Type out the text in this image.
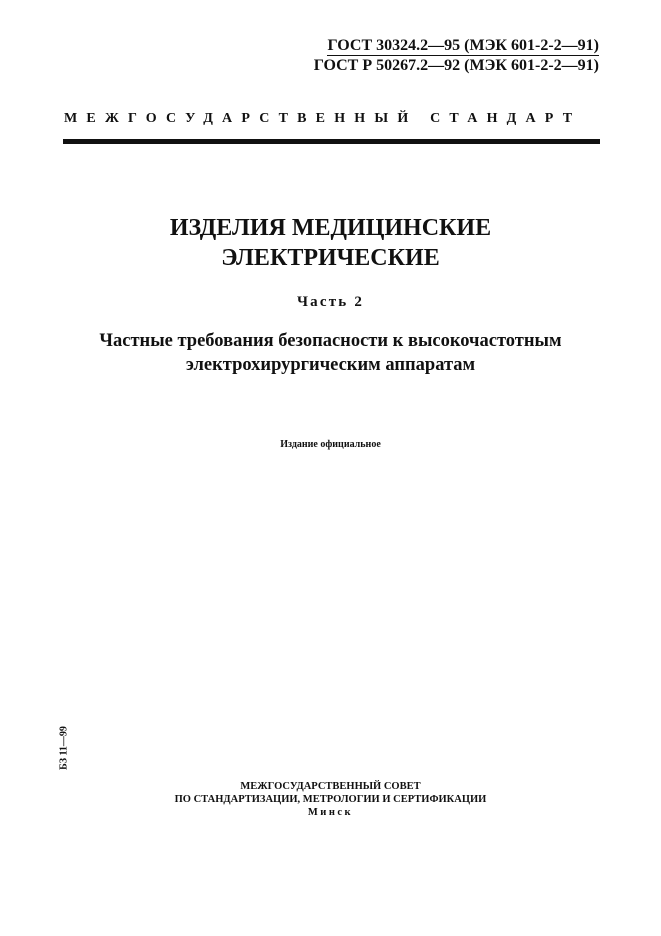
ГОСТ 30324.2—95 (МЭК 601-2-2—91)
ГОСТ Р 50267.2—92 (МЭК 601-2-2—91)
МЕЖГОСУДАРСТВЕННЫЙ СТАНДАРТ
ИЗДЕЛИЯ МЕДИЦИНСКИЕ
ЭЛЕКТРИЧЕСКИЕ
Часть 2
Частные требования безопасности к высокочастотным
электрохирургическим аппаратам
Издание официальное
БЗ 11—99
МЕЖГОСУДАРСТВЕННЫЙ СОВЕТ
ПО СТАНДАРТИЗАЦИИ, МЕТРОЛОГИИ И СЕРТИФИКАЦИИ
Минск
